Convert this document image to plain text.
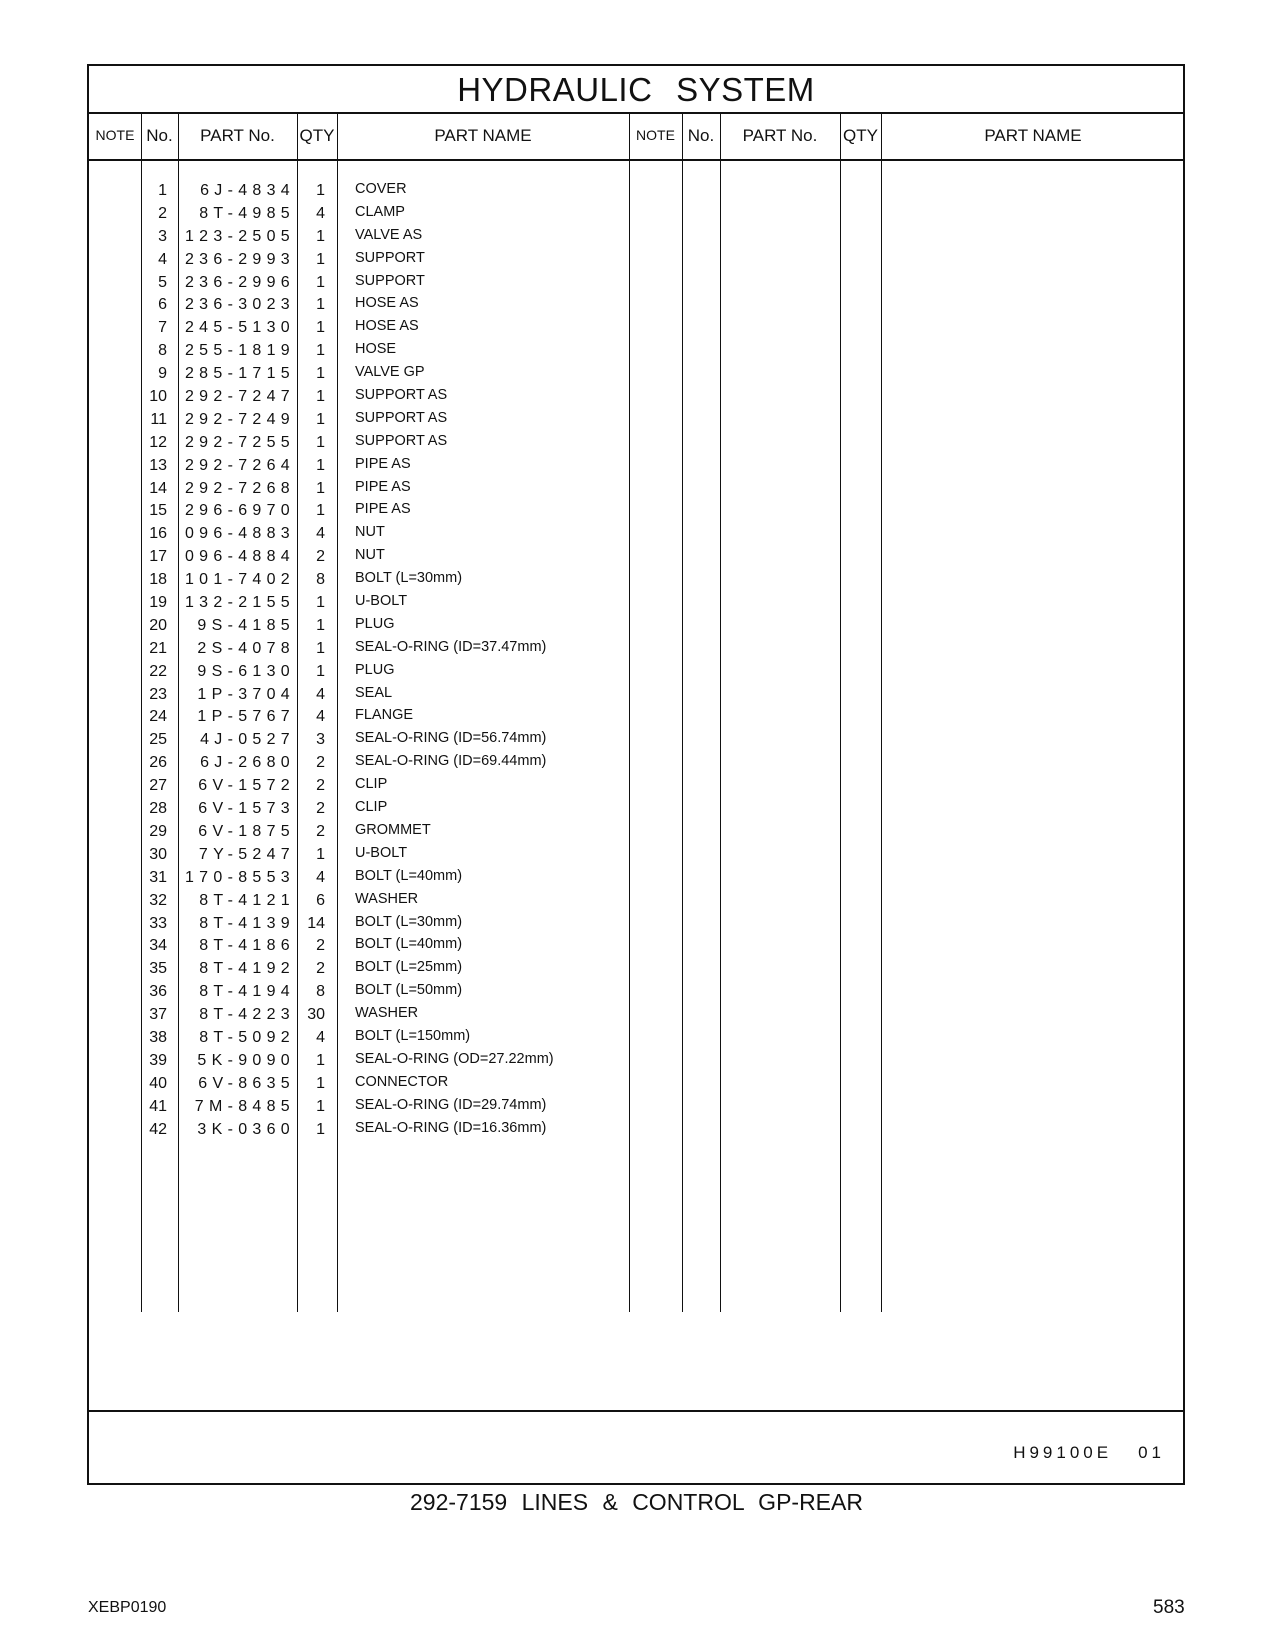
HYDRAULIC SYSTEM
NOTE No.	PART No.	QTY	PART NAME	NOTE No.	PART No.	QTY	PART NAME
1	6J-4834	1 COVER
2	8T-4985	4 CLAMP
3 123-2505	1 VALVE AS
4 236-2993	1 SUPPORT
5 236-2996	1 SUPPORT
6 236-3023	1 HOSE AS
7 245-5130	1 HOSE AS
8 255-1819	1 HOSE
9 285-1715	1 VALVE GP
10 292-7247	1 SUPPORT AS
11 292-7249	1 SUPPORT AS
12 292-7255	1 SUPPORT AS
13 292-7264	1 PIPE AS
14 292-7268	1 PIPE AS
15 296-6970	1 PIPE AS
16 096-4883	4 NUT
17 096-4884	2 NUT
18 101-7402	8 BOLT (L=30mm)
19 132-2155	1 U-BOLT
20	9S-4185	1 PLUG
21	2S-4078	1 SEAL-O-RING (ID=37.47mm)
22	9S-6130	1 PLUG
23	1P-3704	4 SEAL
24	1P-5767	4 FLANGE
25	4J-0527	3 SEAL-O-RING (ID=56.74mm)
26	6J-2680	2 SEAL-O-RING (ID=69.44mm)
27	6V-1572	2 CLIP
28	6V-1573	2 CLIP
29	6V-1875	2 GROMMET
30	7Y-5247	1 U-BOLT
31 170-8553	4 BOLT (L=40mm)
32	8T-4121	6 WASHER
33	8T-4139 14 BOLT (L=30mm)
34	8T-4186	2 BOLT (L=40mm)
35	8T-4192	2 BOLT (L=25mm)
36	8T-4194	8 BOLT (L=50mm)
37	8T-4223 30 WASHER
38	8T-5092	4 BOLT (L=150mm)
39	5K-9090	1 SEAL-O-RING (OD=27.22mm)
40	6V-8635	1 CONNECTOR
41	7M-8485	1 SEAL-O-RING (ID=29.74mm)
42	3K-0360	1 SEAL-O-RING (ID=16.36mm)
H99100E 01
292-7159 LINES & CONTROL GP-REAR
XEBP0190	583
